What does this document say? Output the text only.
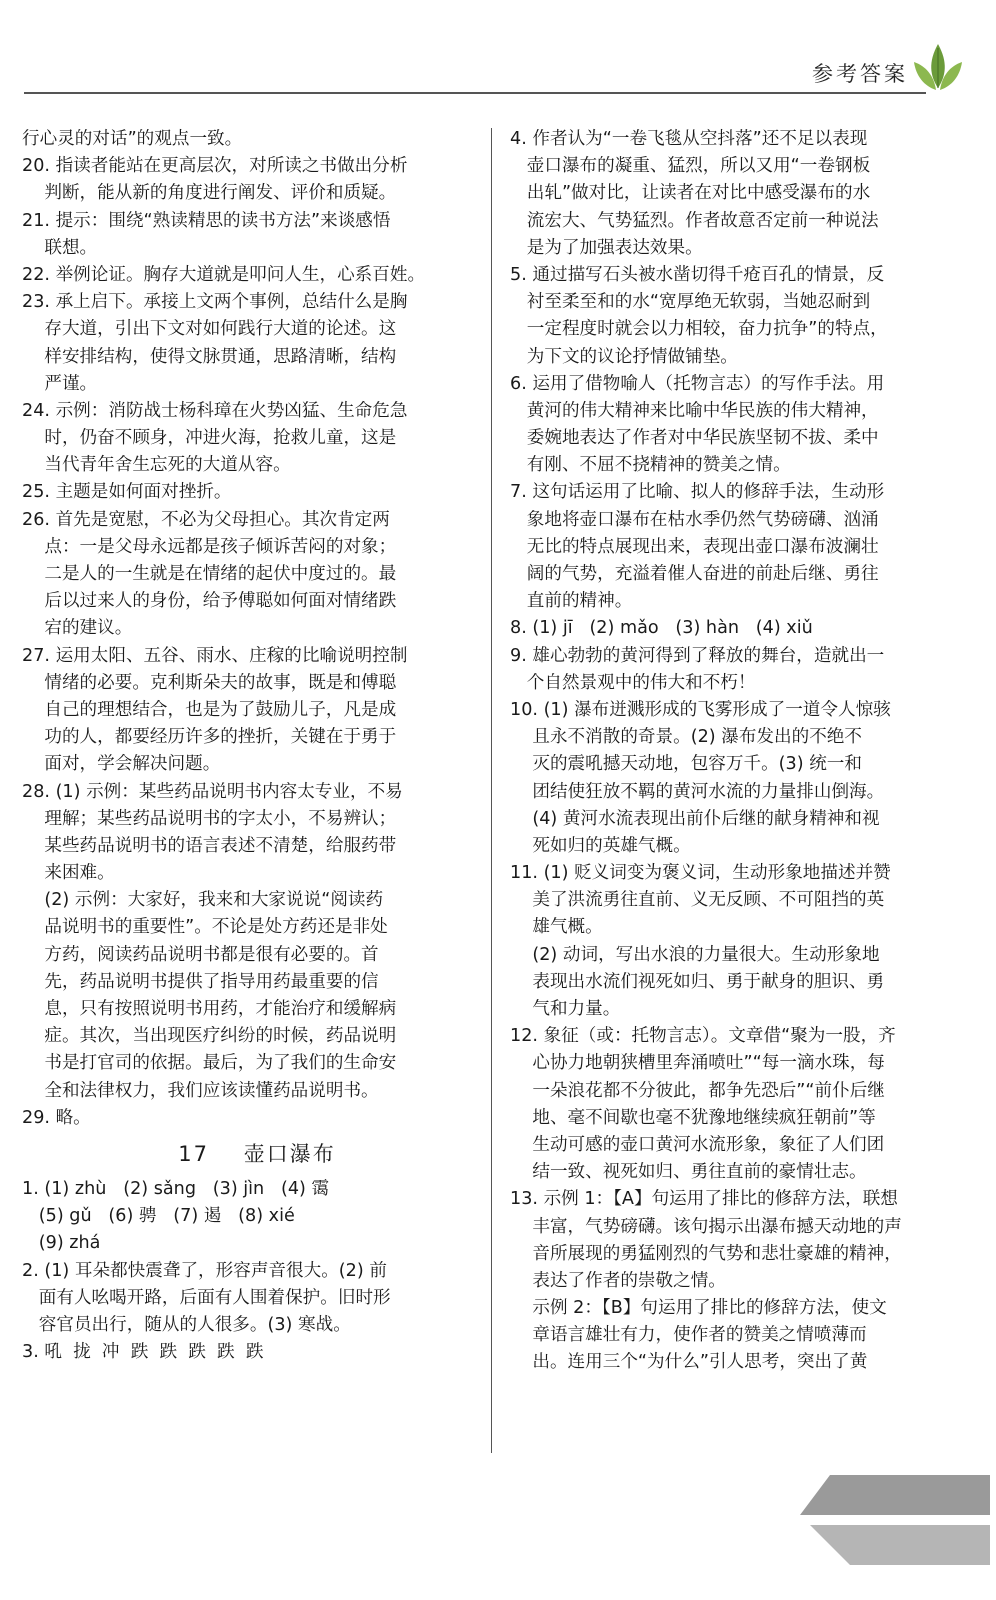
参考答案
行心灵的对话”的观点一致。
20. 指读者能站在更高层次，对所读之书做出分析
判断，能从新的角度进行阐发、评价和质疑。
21. 提示：围绕“熟读精思的读书方法”来谈感悟
联想。
22. 举例论证。胸存大道就是叩问人生，心系百姓。
23. 承上启下。承接上文两个事例，总结什么是胸
存大道，引出下文对如何践行大道的论述。这
样安排结构，使得文脉贯通，思路清晰，结构
严谨。
24. 示例：消防战士杨科璋在火势凶猛、生命危急
时，仍奋不顾身，冲进火海，抢救儿童，这是
当代青年舍生忘死的大道从容。
25. 主题是如何面对挫折。
26. 首先是宽慰，不必为父母担心。其次肯定两
点：一是父母永远都是孩子倾诉苦闷的对象；
二是人的一生就是在情绪的起伏中度过的。最
后以过来人的身份，给予傅聪如何面对情绪跌
宕的建议。
27. 运用太阳、五谷、雨水、庄稼的比喻说明控制
情绪的必要。克利斯朵夫的故事，既是和傅聪
自己的理想结合，也是为了鼓励儿子，凡是成
功的人，都要经历许多的挫折，关键在于勇于
面对，学会解决问题。
28. (1) 示例：某些药品说明书内容太专业，不易
理解；某些药品说明书的字太小，不易辨认；
某些药品说明书的语言表述不清楚，给服药带
来困难。
(2) 示例：大家好，我来和大家说说“阅读药
品说明书的重要性”。不论是处方药还是非处
方药，阅读药品说明书都是很有必要的。首
先，药品说明书提供了指导用药最重要的信
息，只有按照说明书用药，才能治疗和缓解病
症。其次，当出现医疗纠纷的时候，药品说明
书是打官司的依据。最后，为了我们的生命安
全和法律权力，我们应该读懂药品说明书。
29. 略。
17    壶口瀑布
1. (1) zhù   (2) sǎng   (3) jìn   (4) 霭
(5) gǔ   (6) 骋   (7) 遏   (8) xié
(9) zhá
2. (1) 耳朵都快震聋了，形容声音很大。(2) 前
面有人吆喝开路，后面有人围着保护。旧时形
容官员出行，随从的人很多。(3) 寒战。
3. 吼  拢  冲  跌  跌  跌  跌  跌
4. 作者认为“一卷飞毯从空抖落”还不足以表现
壶口瀑布的凝重、猛烈，所以又用“一卷钢板
出轧”做对比，让读者在对比中感受瀑布的水
流宏大、气势猛烈。作者故意否定前一种说法
是为了加强表达效果。
5. 通过描写石头被水凿切得千疮百孔的情景，反
衬至柔至和的水“宽厚绝无软弱，当她忍耐到
一定程度时就会以力相较，奋力抗争”的特点，
为下文的议论抒情做铺垫。
6. 运用了借物喻人（托物言志）的写作手法。用
黄河的伟大精神来比喻中华民族的伟大精神，
委婉地表达了作者对中华民族坚韧不拔、柔中
有刚、不屈不挠精神的赞美之情。
7. 这句话运用了比喻、拟人的修辞手法，生动形
象地将壶口瀑布在枯水季仍然气势磅礴、汹涌
无比的特点展现出来，表现出壶口瀑布波澜壮
阔的气势，充溢着催人奋进的前赴后继、勇往
直前的精神。
8. (1) jī   (2) mǎo   (3) hàn   (4) xiǔ
9. 雄心勃勃的黄河得到了释放的舞台，造就出一
个自然景观中的伟大和不朽！
10. (1) 瀑布迸溅形成的飞雾形成了一道令人惊骇
且永不消散的奇景。(2) 瀑布发出的不绝不
灭的震吼撼天动地，包容万千。(3) 统一和
团结使狂放不羁的黄河水流的力量排山倒海。
(4) 黄河水流表现出前仆后继的献身精神和视
死如归的英雄气概。
11. (1) 贬义词变为褒义词，生动形象地描述并赞
美了洪流勇往直前、义无反顾、不可阻挡的英
雄气概。
(2) 动词，写出水浪的力量很大。生动形象地
表现出水流们视死如归、勇于献身的胆识、勇
气和力量。
12. 象征（或：托物言志）。文章借“聚为一股，齐
心协力地朝狭槽里奔涌喷吐”“每一滴水珠，每
一朵浪花都不分彼此，都争先恐后”“前仆后继
地、毫不间歇也毫不犹豫地继续疯狂朝前”等
生动可感的壶口黄河水流形象，象征了人们团
结一致、视死如归、勇往直前的豪情壮志。
13. 示例 1：【A】句运用了排比的修辞方法，联想
丰富，气势磅礴。该句揭示出瀑布撼天动地的声
音所展现的勇猛刚烈的气势和悲壮豪雄的精神，
表达了作者的崇敬之情。
示例 2：【B】句运用了排比的修辞方法，使文
章语言雄壮有力，使作者的赞美之情喷薄而
出。连用三个“为什么”引人思考，突出了黄
